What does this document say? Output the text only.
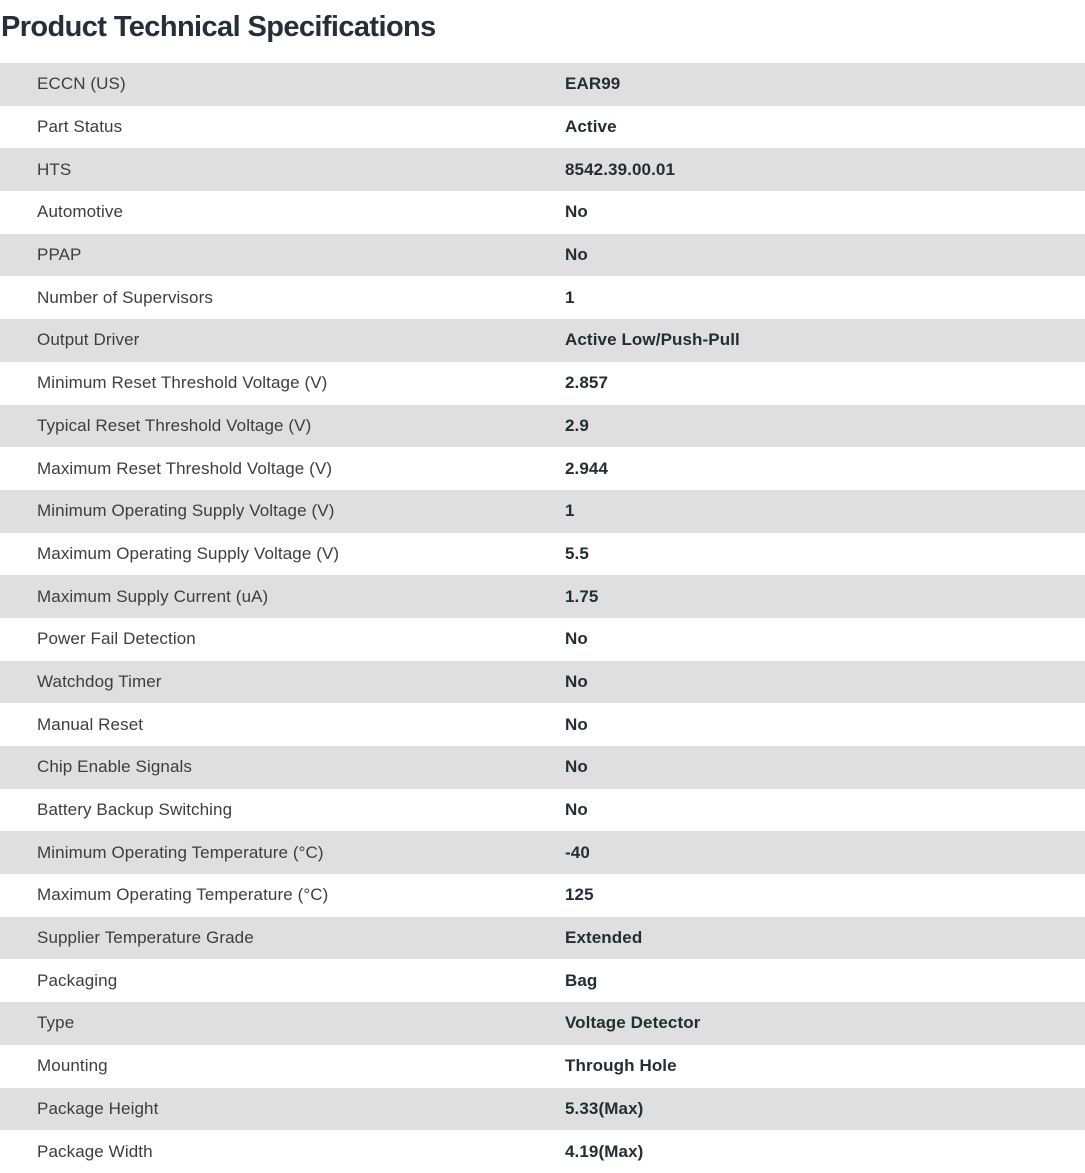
Product Technical Specifications
ECCN (US)	EAR99
Part Status	Active
HTS	8542.39.00.01
Automotive	No
PPAP	No
Number of Supervisors	1
Output Driver	Active Low/Push-Pull
Minimum Reset Threshold Voltage (V)	2.857
Typical Reset Threshold Voltage (V)	2.9
Maximum Reset Threshold Voltage (V)	2.944
Minimum Operating Supply Voltage (V)	1
Maximum Operating Supply Voltage (V)	5.5
Maximum Supply Current (uA)	1.75
Power Fail Detection	No
Watchdog Timer	No
Manual Reset	No
Chip Enable Signals	No
Battery Backup Switching	No
Minimum Operating Temperature (°C)	-40
Maximum Operating Temperature (°C)	125
Supplier Temperature Grade	Extended
Packaging	Bag
Type	Voltage Detector
Mounting	Through Hole
Package Height	5.33(Max)
Package Width	4.19(Max)
